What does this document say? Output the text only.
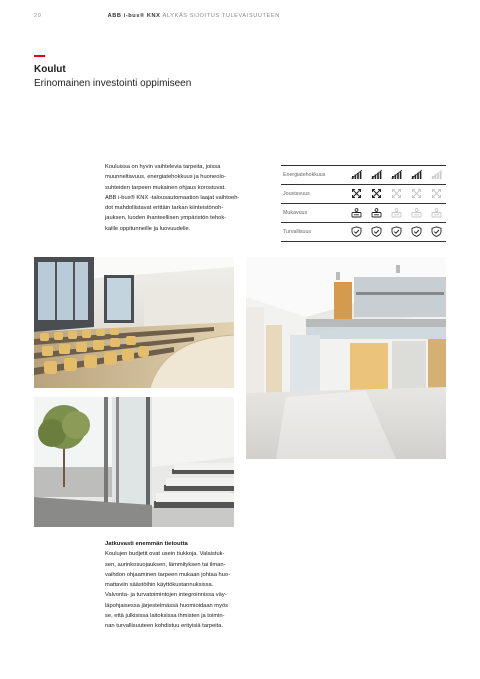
20	ABB i-bus® KNX ÄLYKÄS SIJOITUS TULEVAISUUTEEN
Koulut
Erinomainen investointi oppimiseen

Kouluissa on hyvin vaihtelevia tarpeita, joissa

muunneltavuus, energiatehokkuus ja huoneolo-

suhteiden tarpeen mukainen ohjaus korostuvat.

ABB i-bus® KNX -talousautomaation laajat vaihtoeh-

dot mahdollistavat erittäin tarkan kiinteistönoh-

jauksen, luoden ihanteellisen ympäristön tehok-

kaille oppitunneille ja luovuudelle.

Energiatehokkuus					
Joustavuus					
Mukavuus					
Turvallisuus					
Jatkuvasti enemmän tietoutta

Koulujen budjetit ovat usein tiukkoja. Valaistuk-

sen, aurinkosuojauksen, lämmityksen tai ilman-

vaihdon ohjaaminen tarpeen mukaan johtaa huo-

mattaviin säästöihin käyttökustannuksissa.

Valvonta- ja turvatoimintojen integroinnissa väy-

läpohjaisessa järjestelmässä huomioidaan myös

se, että julkisissa laitoksissa ihmisten ja toimin-

nan turvallisuuteen kohdistuu erityisiä tarpeita.
